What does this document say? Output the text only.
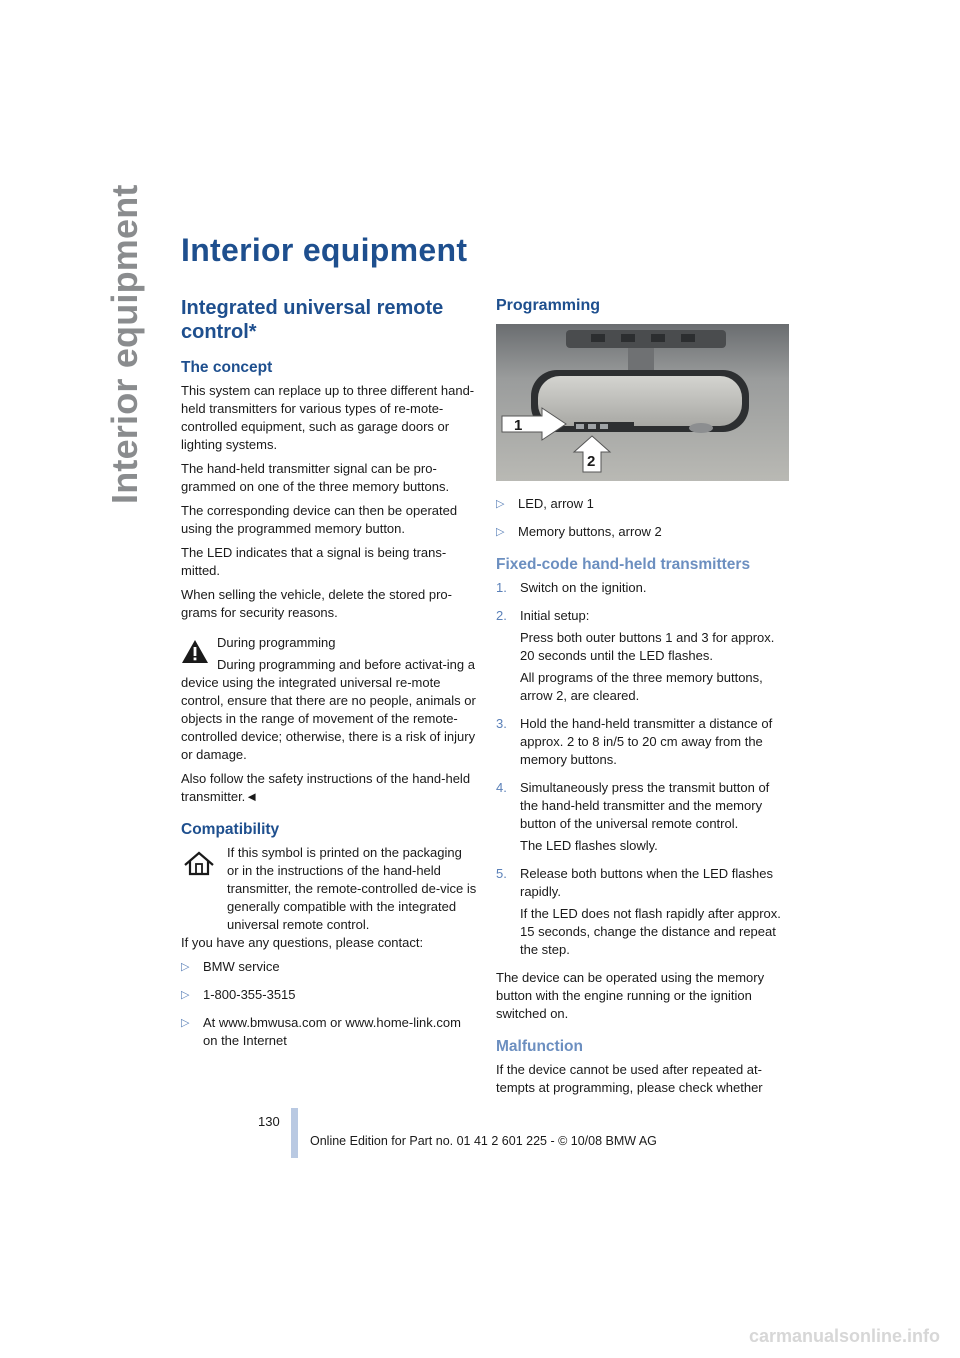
Interior equipment Interior equipment
Integrated universal remote control*
The concept

This system can replace up to three different hand-held transmitters for various types of re-mote-controlled equipment, such as garage doors or lighting systems.

The hand-held transmitter signal can be pro-grammed on one of the three memory buttons.

The corresponding device can then be operated using the programmed memory button.

The LED indicates that a signal is being trans-mitted.

When selling the vehicle, delete the stored pro-grams for security reasons.

During programming

During programming and before activat-ing a device using the integrated universal re-mote control, ensure that there are no people, animals or objects in the range of movement of the remote-controlled device; otherwise, there is a risk of injury or damage.

Also follow the safety instructions of the hand-held transmitter.◄

Compatibility

If this symbol is printed on the packaging or in the instructions of the hand-held transmitter, the remote-controlled de-vice is generally compatible with the integrated universal remote control.

If you have any questions, please contact:

▷ BMW service
▷ 1-800-355-3515
▷ At www.bmwusa.com or www.home-link.com on the Internet
Programming
1
2
▷ LED, arrow 1
▷ Memory buttons, arrow 2
Fixed-code hand-held transmitters
1. Switch on the ignition.
2. Initial setup:

Press both outer buttons 1 and 3 for approx. 20 seconds until the LED flashes.

All programs of the three memory buttons, arrow 2, are cleared.

3. Hold the hand-held transmitter a distance of approx. 2 to 8 in/5 to 20 cm away from the memory buttons.
4. Simultaneously press the transmit button of the hand-held transmitter and the memory button of the universal remote control.

The LED flashes slowly.

5. Release both buttons when the LED flashes rapidly.

If the LED does not flash rapidly after approx. 15 seconds, change the distance and repeat the step.

The device can be operated using the memory button with the engine running or the ignition switched on.

Malfunction

If the device cannot be used after repeated at-tempts at programming, please check whether

130
Online Edition for Part no. 01 41 2 601 225 - © 10/08 BMW AG
carmanualsonline.info
